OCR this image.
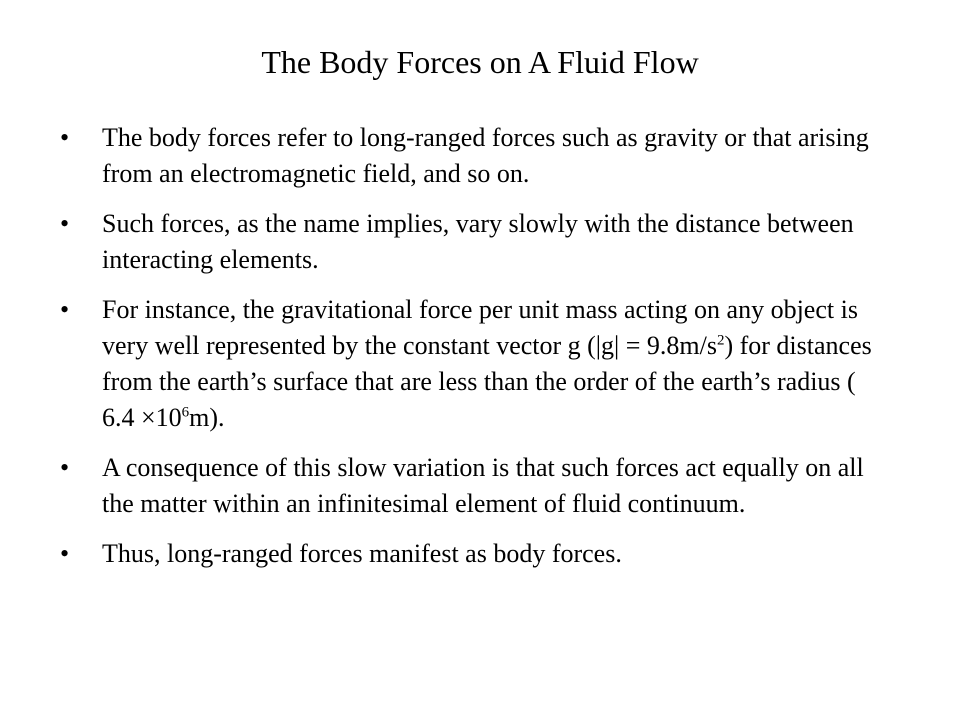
The Body Forces on A Fluid Flow
• The body forces refer to long-ranged forces such as gravity or that arising from an electromagnetic field, and so on.
• Such forces, as the name implies, vary slowly with the distance between interacting elements.
• For instance, the gravitational force per unit mass acting on any object is very well represented by the constant vector g $(|g| = 9.8m/s^2)$ for distances from the earth’s surface that are less than the order of the earth’s radius ( $6.4 \times 10^6m$).
• A consequence of this slow variation is that such forces act equally on all the matter within an infinitesimal element of fluid continuum.
• Thus, long-ranged forces manifest as body forces.
